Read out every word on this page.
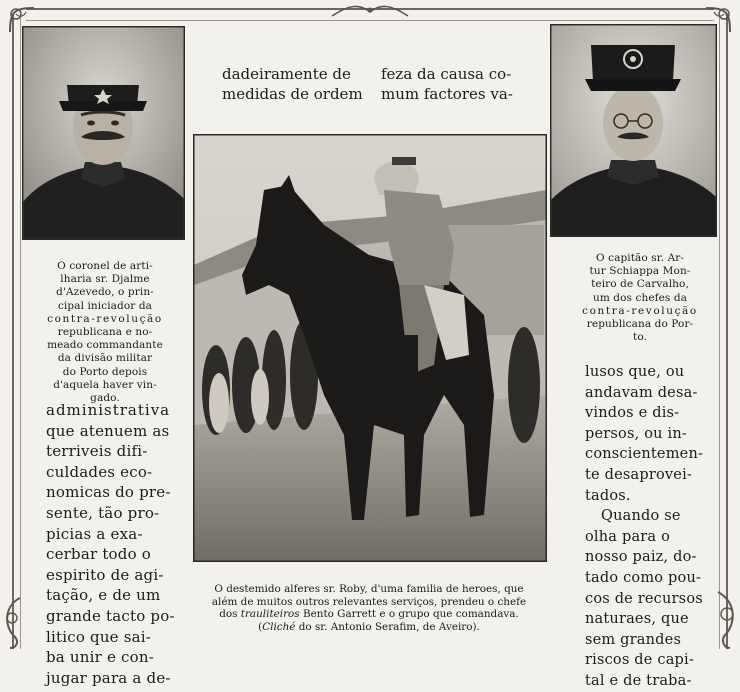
dadeiramente de
medidas de ordem
feza da causa co-
mum factores va-
O coronel de arti-
lharia sr. Djalme
d'Azevedo, o prin-
cipal iniciador da
contra-revolução
republicana e no-
meado commandante
da divisão militar
do Porto depois
d'aquela haver vin-
gado.
O capitão sr. Ar-
tur Schiappa Mon-
teiro de Carvalho,
um dos chefes da
contra-revolução
republicana do Por-
to.
administrativa
que atenuem as
terriveis difi-
culdades eco-
nomicas do pre-
sente, tão pro-
picias a exa-
cerbar todo o
espirito de agi-
tação, e de um
grande tacto po-
litico que sai-
ba unir e con-
jugar para a de-
lusos que, ou
andavam desa-
vindos e dis-
persos, ou in-
conscientemen-
te desaprovei-
tados.
Quando se
olha para o
nosso paiz, do-
tado como pou-
cos de recursos
naturaes, que
sem grandes
riscos de capi-
tal e de traba-
O destemido alferes sr. Roby, d'uma familia de heroes, que
além de muitos outros relevantes serviços, prendeu o chefe
dos trauliteiros Bento Garrett e o grupo que comandava.
(Cliché do sr. Antonio Serafim, de Aveiro).
